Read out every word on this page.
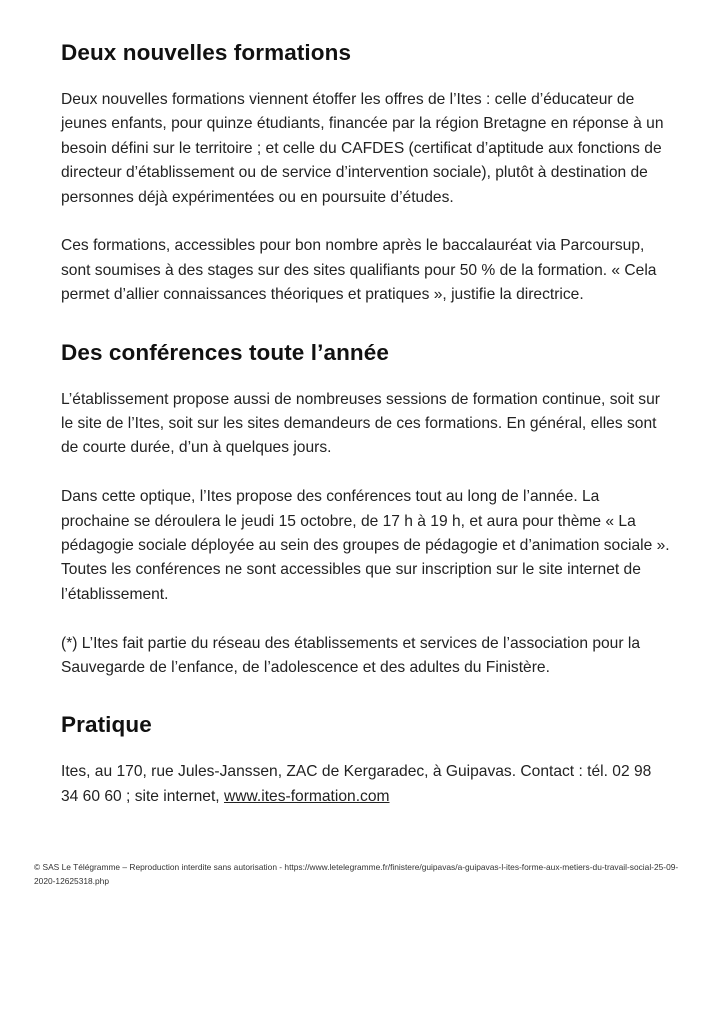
Deux nouvelles formations

Deux nouvelles formations viennent étoffer les offres de l’Ites : celle d’éducateur de jeunes enfants, pour quinze étudiants, financée par la région Bretagne en réponse à un besoin défini sur le territoire ; et celle du CAFDES (certificat d’aptitude aux fonctions de directeur d’établissement ou de service d’intervention sociale), plutôt à destination de personnes déjà expérimentées ou en poursuite d’études.

Ces formations, accessibles pour bon nombre après le baccalauréat via Parcoursup, sont soumises à des stages sur des sites qualifiants pour 50 % de la formation. « Cela permet d’allier connaissances théoriques et pratiques », justifie la directrice.

Des conférences toute l’année

L’établissement propose aussi de nombreuses sessions de formation continue, soit sur le site de l’Ites, soit sur les sites demandeurs de ces formations. En général, elles sont de courte durée, d’un à quelques jours.

Dans cette optique, l’Ites propose des conférences tout au long de l’année. La prochaine se déroulera le jeudi 15 octobre, de 17 h à 19 h, et aura pour thème « La pédagogie sociale déployée au sein des groupes de pédagogie et d’animation sociale ». Toutes les conférences ne sont accessibles que sur inscription sur le site internet de l’établissement.

(*) L’Ites fait partie du réseau des établissements et services de l’association pour la Sauvegarde de l’enfance, de l’adolescence et des adultes du Finistère.

Pratique

Ites, au 170, rue Jules-Janssen, ZAC de Kergaradec, à Guipavas. Contact : tél. 02 98 34 60 60 ; site internet, www.ites-formation.com

© SAS Le Télégramme – Reproduction interdite sans autorisation - https://www.letelegramme.fr/finistere/guipavas/a-guipavas-l-ites-forme-aux-metiers-du-travail-social-25-09-2020-12625318.php
